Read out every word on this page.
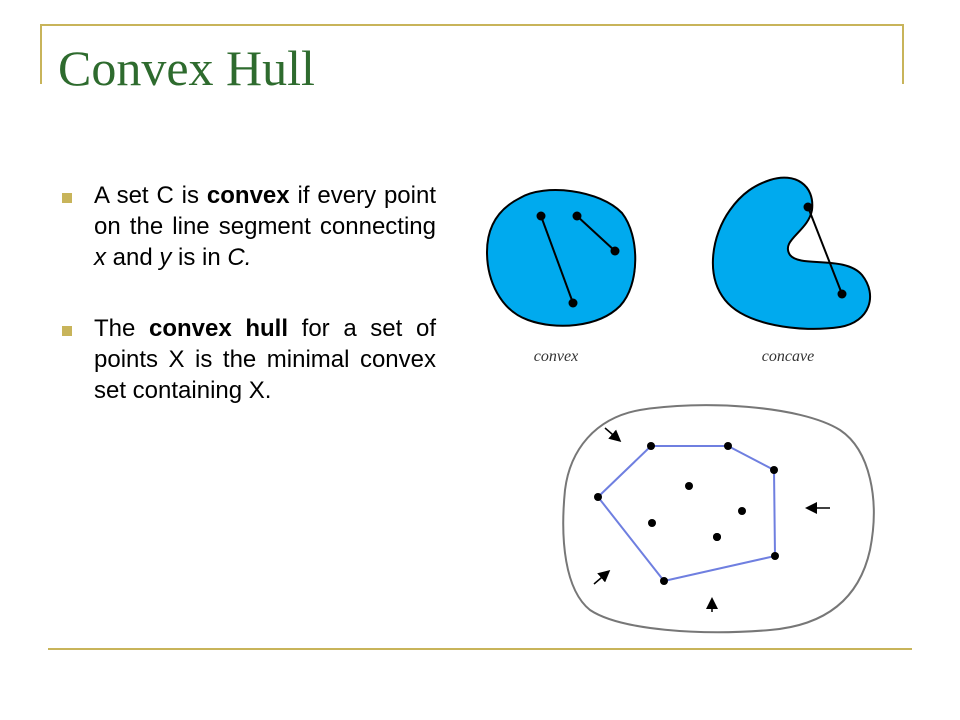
Convex Hull
A set C is convex if every point on the line segment connecting x and y is in C.
The convex hull for a set of points X is the minimal convex set containing X.
convex	concave
